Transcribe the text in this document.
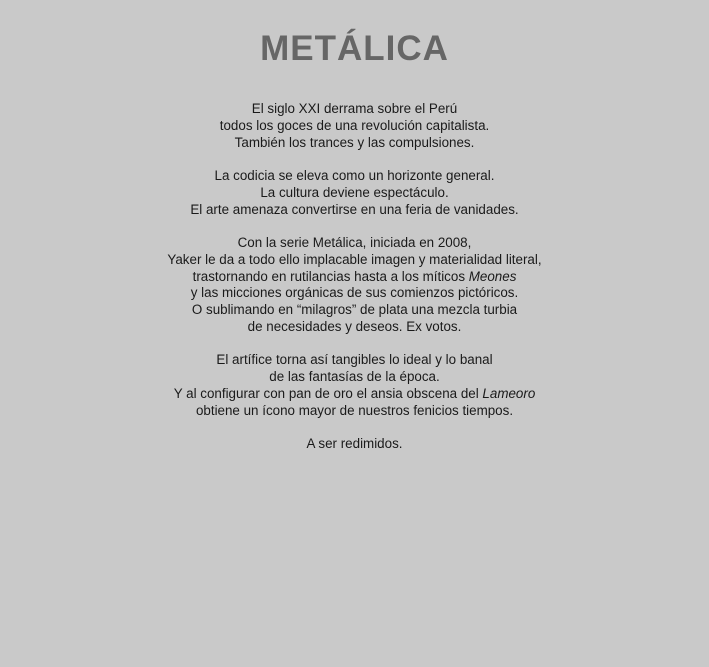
METÁLICA
El siglo XXI derrama sobre el Perú
todos los goces de una revolución capitalista.
También los trances y las compulsiones.
La codicia se eleva como un horizonte general.
La cultura deviene espectáculo.
El arte amenaza convertirse en una feria de vanidades.
Con la serie Metálica, iniciada en 2008,
Yaker le da a todo ello implacable imagen y materialidad literal,
trastornando en rutilancias hasta a los míticos Meones
y las micciones orgánicas de sus comienzos pictóricos.
O sublimando en “milagros” de plata una mezcla turbia
de necesidades y deseos. Ex votos.
El artífice torna así tangibles lo ideal y lo banal
de las fantasías de la época.
Y al configurar con pan de oro el ansia obscena del Lameoro
obtiene un ícono mayor de nuestros fenicios tiempos.
A ser redimidos.
